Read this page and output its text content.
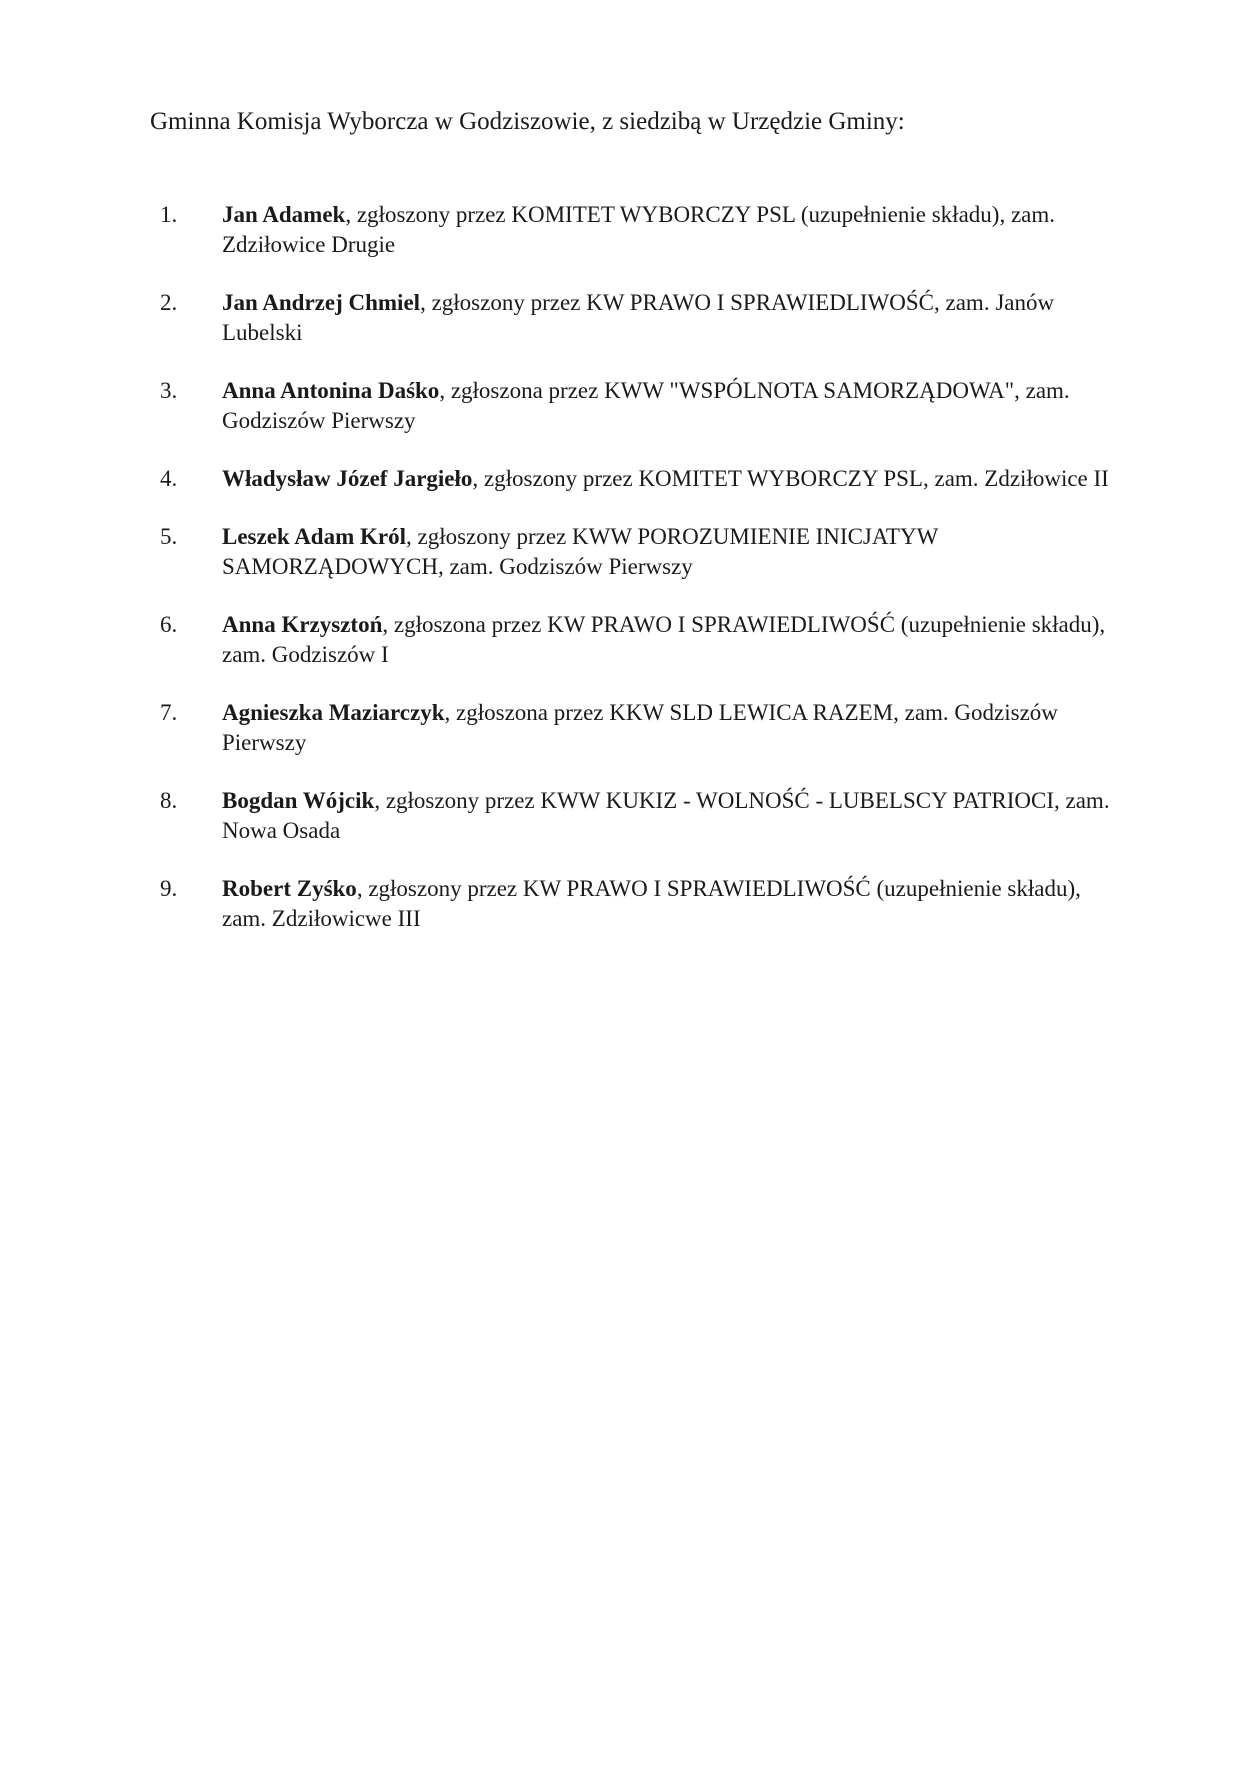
Gminna Komisja Wyborcza w Godziszowie, z siedzibą w Urzędzie Gminy:
1. Jan Adamek, zgłoszony przez KOMITET WYBORCZY PSL (uzupełnienie składu), zam. Zdziłowice Drugie
2. Jan Andrzej Chmiel, zgłoszony przez KW PRAWO I SPRAWIEDLIWOŚĆ, zam. Janów Lubelski
3. Anna Antonina Daśko, zgłoszona przez KWW "WSPÓLNOTA SAMORZĄDOWA", zam. Godziszów Pierwszy
4. Władysław Józef Jargieło, zgłoszony przez KOMITET WYBORCZY PSL, zam. Zdziłowice II
5. Leszek Adam Król, zgłoszony przez KWW POROZUMIENIE INICJATYW SAMORZĄDOWYCH, zam. Godziszów Pierwszy
6. Anna Krzysztoń, zgłoszona przez KW PRAWO I SPRAWIEDLIWOŚĆ (uzupełnienie składu), zam. Godziszów I
7. Agnieszka Maziarczyk, zgłoszona przez KKW SLD LEWICA RAZEM, zam. Godziszów Pierwszy
8. Bogdan Wójcik, zgłoszony przez KWW KUKIZ - WOLNOŚĆ - LUBELSCY PATRIOCI, zam. Nowa Osada
9. Robert Zyśko, zgłoszony przez KW PRAWO I SPRAWIEDLIWOŚĆ (uzupełnienie składu), zam. Zdziłowicwe III
